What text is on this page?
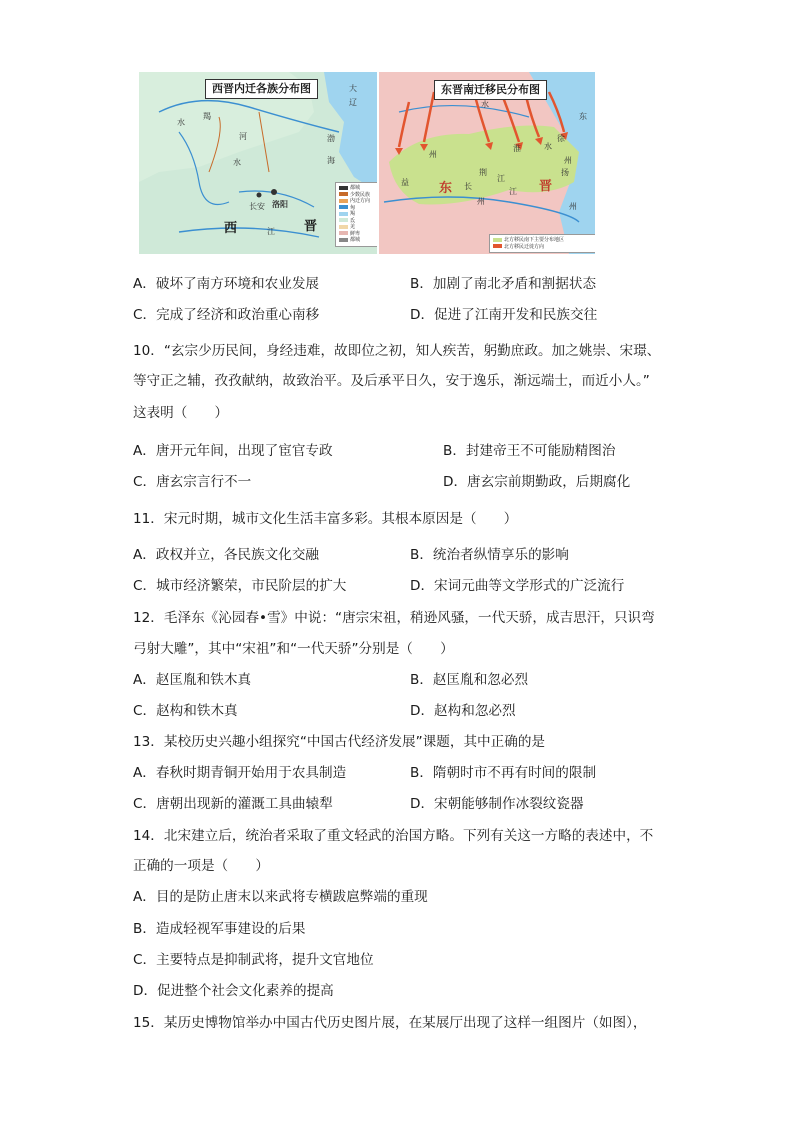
西晋内迁各族分布图
羯
水
河
水
渤
海
大
辽
长安 洛阳
西	江 晋
都城
少数民族
内迁方向
匈
羯
氐
羌
鲜卑
都城
东晋南迁移民分布图
水
淮
州
东
水
长
州
江
益
荆
江
晋
州
扬
州
徐
东
北方移民南下主要分布地区
北方移民迁徙方向
A．破坏了南方环境和农业发展	B．加剧了南北矛盾和割据状态
C．完成了经济和政治重心南移	D．促进了江南开发和民族交往
10．“玄宗少历民间，身经违难，故即位之初，知人疾苦，躬勤庶政。加之姚崇、宋璟、
等守正之辅，孜孜献纳，故致治平。及后承平日久，安于逸乐，渐远端士，而近小人。”
这表明（　　）
A．唐开元年间，出现了宦官专政	B．封建帝王不可能励精图治
C．唐玄宗言行不一	D．唐玄宗前期勤政，后期腐化
11．宋元时期，城市文化生活丰富多彩。其根本原因是（　　）
A．政权并立，各民族文化交融	B．统治者纵情享乐的影响
C．城市经济繁荣，市民阶层的扩大	D．宋词元曲等文学形式的广泛流行
12．毛泽东《沁园春•雪》中说：“唐宗宋祖，稍逊风骚，一代天骄，成吉思汗，只识弯
弓射大雕”，其中“宋祖”和“一代天骄”分别是（　　）
A．赵匡胤和铁木真	B．赵匡胤和忽必烈
C．赵构和铁木真	D．赵构和忽必烈
13．某校历史兴趣小组探究“中国古代经济发展”课题，其中正确的是
A．春秋时期青铜开始用于农具制造	B．隋朝时市不再有时间的限制
C．唐朝出现新的灌溉工具曲辕犁	D．宋朝能够制作冰裂纹瓷器
14．北宋建立后，统治者采取了重文轻武的治国方略。下列有关这一方略的表述中，不
正确的一项是（　　）
A．目的是防止唐末以来武将专横跋扈弊端的重现
B．造成轻视军事建设的后果
C．主要特点是抑制武将，提升文官地位
D．促进整个社会文化素养的提高
15．某历史博物馆举办中国古代历史图片展，在某展厅出现了这样一组图片（如图），
